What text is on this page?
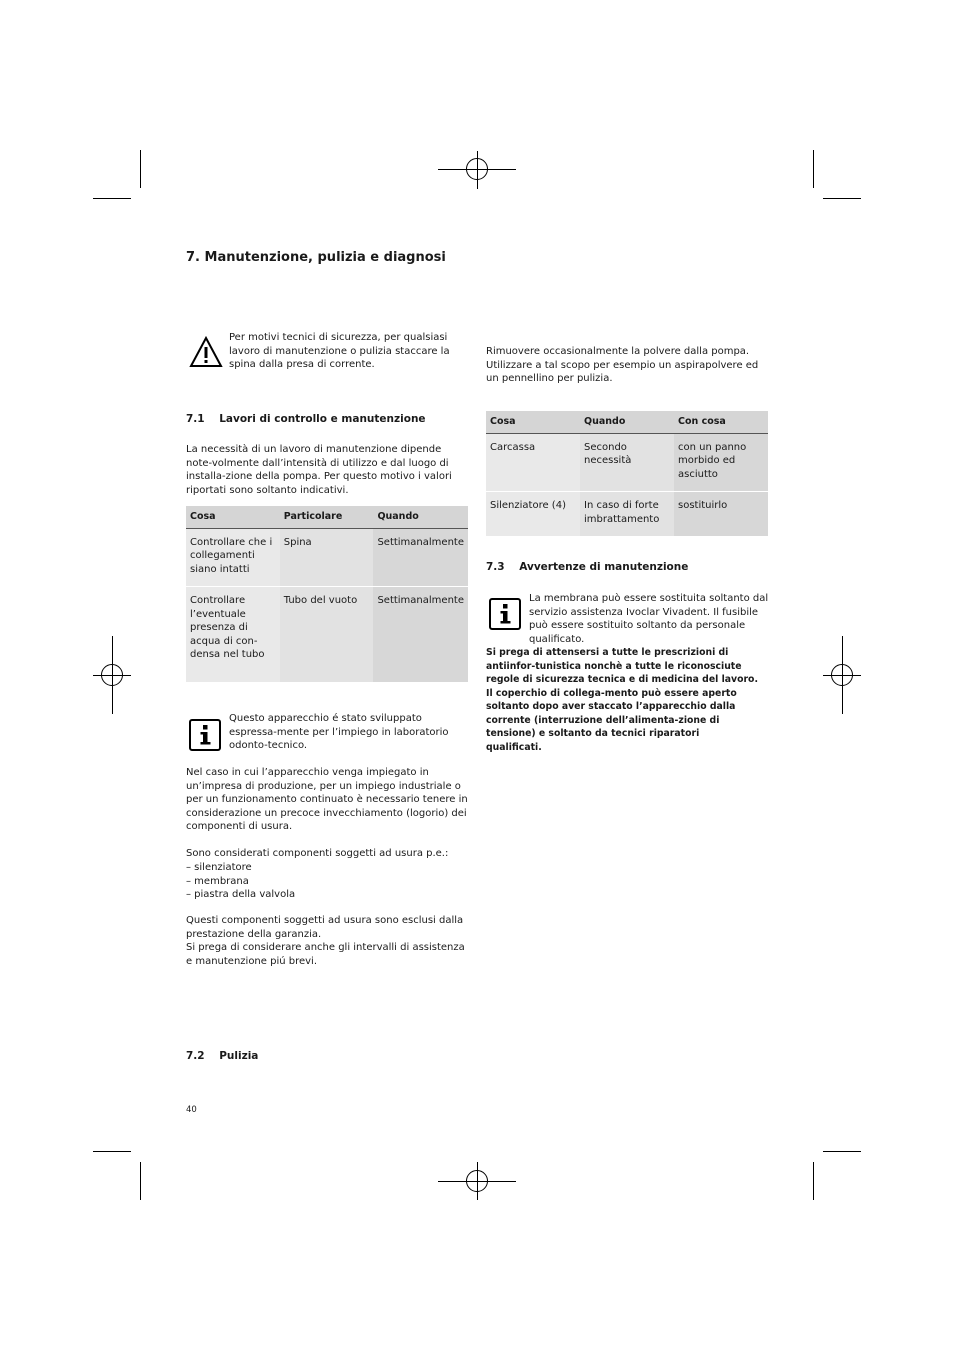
7. Manutenzione, pulizia e diagnosi
Per motivi tecnici di sicurezza, per qualsiasi lavoro di manutenzione o pulizia staccare la spina dalla presa di corrente.
7.1    Lavori di controllo e manutenzione
La necessità di un lavoro di manutenzione dipende note-volmente dall’intensità di utilizzo e dal luogo di installa-zione della pompa. Per questo motivo i valori riportati sono soltanto indicativi.
Cosa	Particolare	Quando
Controllare che i collegamenti siano intatti	Spina	Settimanalmente
Controllare l’eventuale presenza di acqua di con-densa nel tubo	Tubo del vuoto	Settimanalmente
Questo apparecchio é stato sviluppato espressa-mente per l’impiego in laboratorio odonto-tecnico.
Nel caso in cui l’apparecchio venga impiegato in un’impresa di produzione, per un impiego industriale o per un funzionamento continuato è necessario tenere in considerazione un precoce invecchiamento (logorio) dei componenti di usura.
Sono considerati componenti soggetti ad usura p.e.:
– silenziatore
– membrana
– piastra della valvola
Questi componenti soggetti ad usura sono esclusi dalla prestazione della garanzia.
Si prega di considerare anche gli intervalli di assistenza e manutenzione piú brevi.
7.2    Pulizia
40
Rimuovere occasionalmente la polvere dalla pompa. Utilizzare a tal scopo per esempio un aspirapolvere ed un pennellino per pulizia.
Cosa	Quando	Con cosa
Carcassa	Secondo necessità	con un panno morbido ed asciutto
Silenziatore (4)	In caso di forte imbrattamento	sostituirlo
7.3    Avvertenze di manutenzione
La membrana può essere sostituita soltanto dal servizio assistenza Ivoclar Vivadent. Il fusibile può essere sostituito soltanto da personale qualificato.
Si prega di attensersi a tutte le prescrizioni di antiinfor-tunistica nonchè a tutte le riconosciute regole di sicurezza tecnica e di medicina del lavoro. Il coperchio di collega-mento può essere aperto soltanto dopo aver staccato l’apparecchio dalla corrente (interruzione dell’alimenta-zione di tensione) e soltanto da tecnici riparatori qualificati.
